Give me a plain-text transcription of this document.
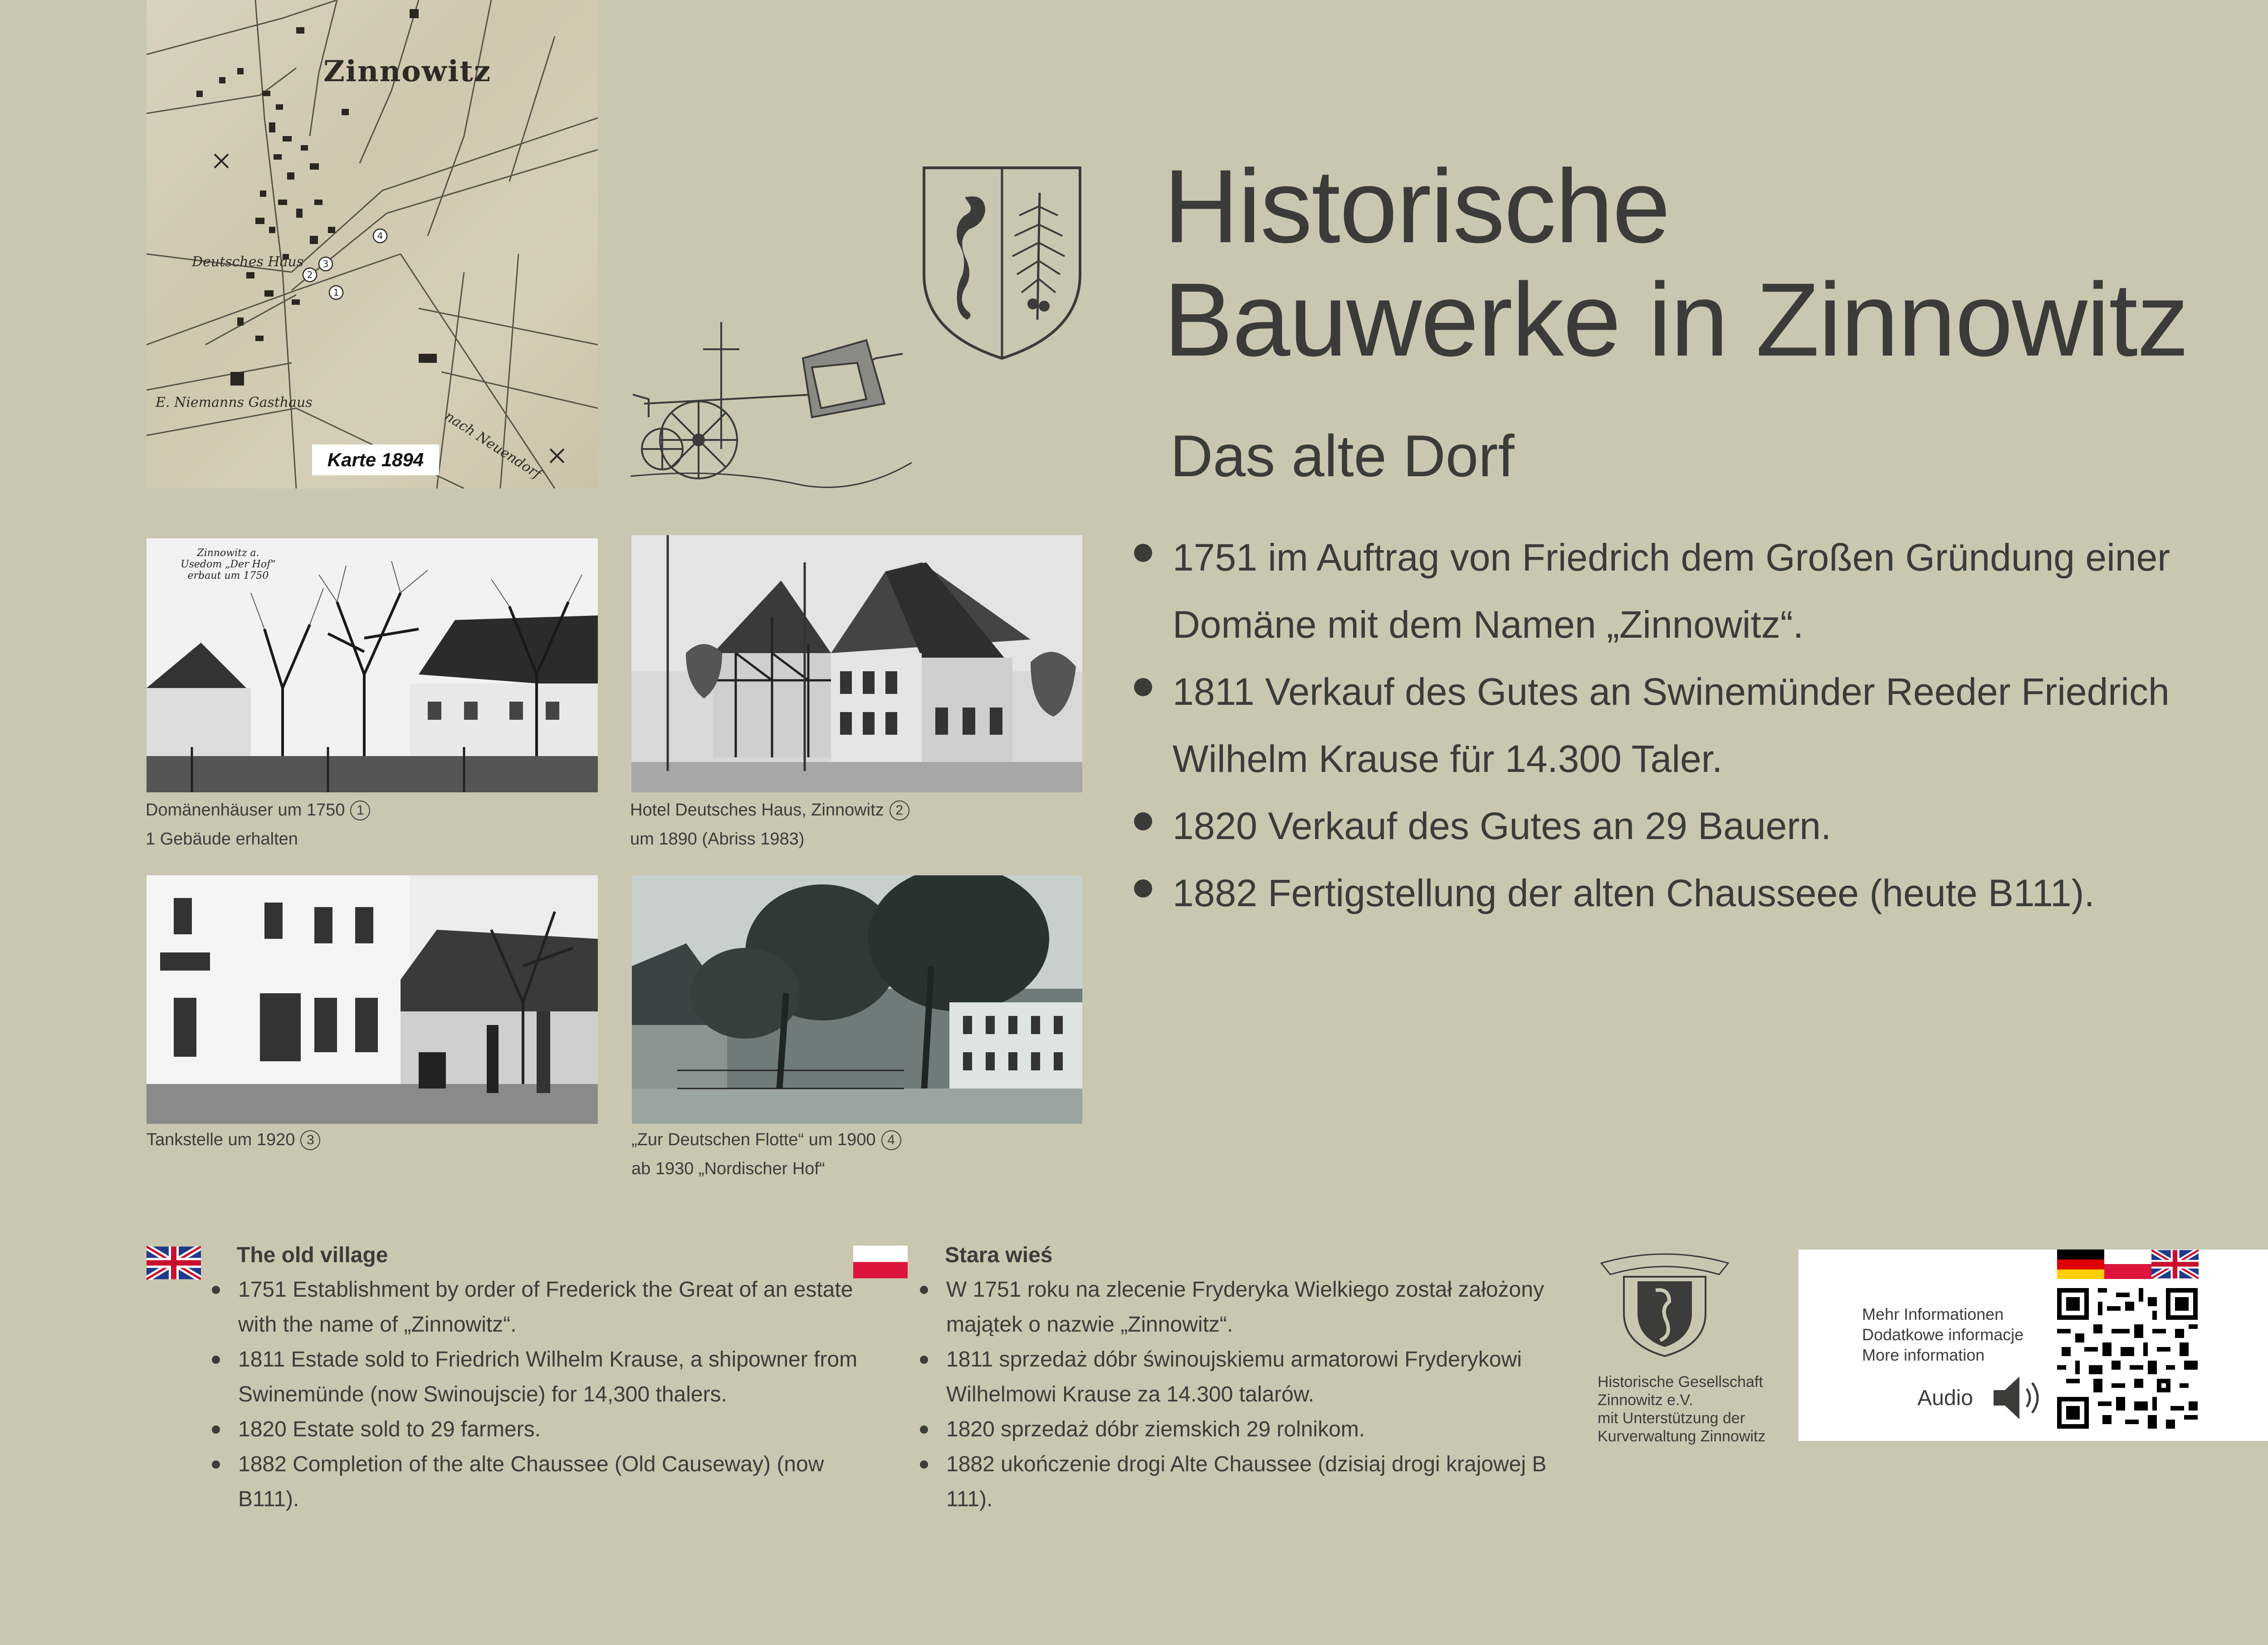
1
2
3
4
Zinnowitz
Deutsches Haus
E. Niemanns Gasthaus
nach Neuendorf
Karte 1894
Historische
Bauwerke in Zinnowitz
Das alte Dorf
1751 im Auftrag von Friedrich dem Großen Gründung einer Domäne mit dem Namen „Zinnowitz“.
1811 Verkauf des Gutes an Swinemünder Reeder Friedrich Wilhelm Krause für 14.300 Taler.
1820 Verkauf des Gutes an 29 Bauern.
1882 Fertigstellung der alten Chausseee (heute B111).
Zinnowitz a. Usedom „Der Hof“ erbaut um 1750
Domänenhäuser um 1750 1
1 Gebäude erhalten
Hotel Deutsches Haus, Zinnowitz 2
um 1890 (Abriss 1983)
Tankstelle um 1920 3	„Zur Deutschen Flotte“ um 1900 4
ab 1930 „Nordischer Hof“
The old village
1751 Establishment by order of Frederick the Great of an estate with the name of „Zinnowitz“.
1811 Estade sold to Friedrich Wilhelm Krause, a shipowner from Swinemünde (now Swinoujscie) for 14,300 thalers.
1820 Estate sold to 29 farmers.
1882 Completion of the alte Chaussee (Old Causeway) (now B111).
Stara wieś
W 1751 roku na zlecenie Fryderyka Wielkiego został założony majątek o nazwie „Zinnowitz“.
1811 sprzedaż dóbr świnoujskiemu armatorowi Fryderykowi Wilhelmowi Krause za 14.300 talarów.
1820 sprzedaż dóbr ziemskich 29 rolnikom.
1882 ukończenie drogi Alte Chaussee (dzisiaj drogi krajowej B 111).
Historische Gesellschaft
Zinnowitz e.V.
mit Unterstützung der
Kurverwaltung Zinnowitz
Mehr Informationen
Dodatkowe informacje
More information
Audio
